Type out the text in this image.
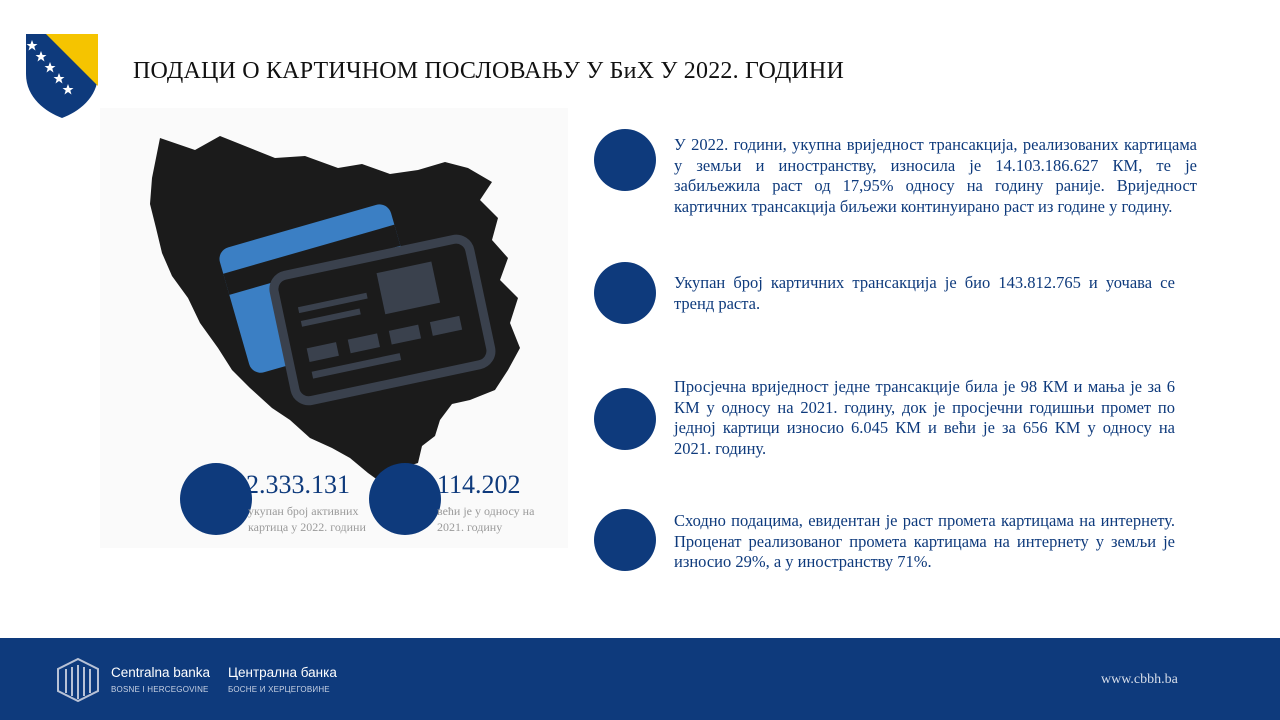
ПОДАЦИ О КАРТИЧНОМ ПОСЛОВАЊУ У БиХ У 2022. ГОДИНИ
2.333.131
укупан број активних картица у 2022. години
114.202
већи је у односу на 2021. годину
У 2022. години, укупна вриједност трансакција, реализованих картицама у земљи и иностранству, износила је 14.103.186.627 КМ, те је забиљежила раст од 17,95% односу на годину раније. Вриједност картичних трансакција биљежи континуирано раст из године у годину.
Укупан број картичних трансакција је био 143.812.765 и уочава се тренд раста.
Просјечна вриједност једне трансакције била је 98 КМ и мања је за 6 КМ у односу на 2021. годину, док је просјечни годишњи промет по једној картици износио 6.045 КМ и већи је за 656 КМ у односу на 2021. годину.
Сходно подацима, евидентан је раст промета картицама на интернету. Проценат реализованог промета картицама на интернету у земљи је износио 29%, а у иностранству 71%.
Centralna banka
BOSNE I HERCEGOVINE
Централна банка
БОСНЕ И ХЕРЦЕГОВИНЕ
www.cbbh.ba
